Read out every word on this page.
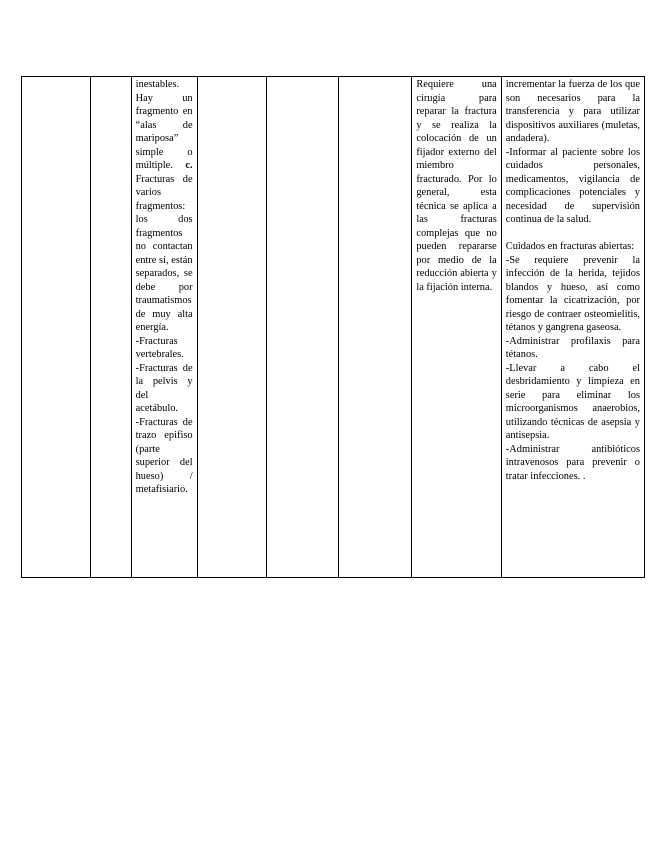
		inestables.
Hay un fragmento en “alas de mariposa” simple o múltiple. c. Fracturas de varios fragmentos: los dos fragmentos no contactan entre sí, están separados, se debe por traumatismos de muy alta energía.
-Fracturas vertebrales.
-Fracturas de la pelvis y del acetábulo.
-Fracturas de trazo epifiso (parte superior del hueso) / metafisiario.				Requiere una cirugía para reparar la fractura y se realiza la colocación de un fijador externo del miembro fracturado. Por lo general, esta técnica se aplica a las fracturas complejas que no pueden repararse por medio de la reducción abierta y la fijación interna.	incrementar la fuerza de los que son necesarios para la transferencia y para utilizar dispositivos auxiliares (muletas, andadera).
-Informar al paciente sobre los cuidados personales, medicamentos, vigilancia de complicaciones potenciales y necesidad de supervisión continua de la salud.
Cuidados en fracturas abiertas:
-Se requiere prevenir la infección de la herida, tejidos blandos y hueso, así como fomentar la cicatrización, por riesgo de contraer osteomielitis, tétanos y gangrena gaseosa.
-Administrar profilaxis para tétanos.
-Llevar a cabo el desbridamiento y limpieza en serie para eliminar los microorganismos anaerobios, utilizando técnicas de asepsia y antisepsia.
-Administrar antibióticos intravenosos para prevenir o tratar infecciones. .
